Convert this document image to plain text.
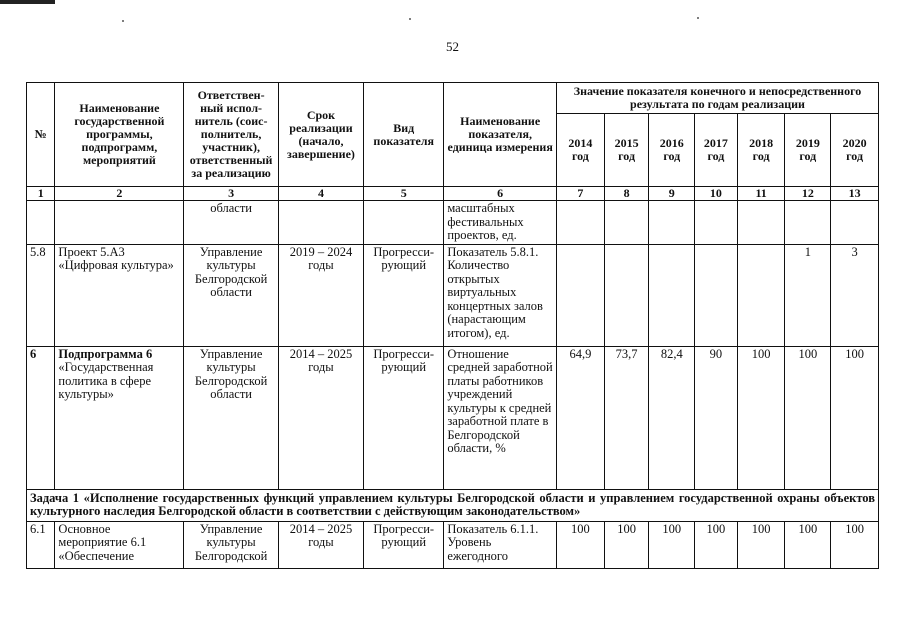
52
№	Наименование государственной программы, подпрограмм, мероприятий	Ответствен-ный испол-нитель (соис-полнитель, участник), ответственный за реализацию	Срок реализации (начало, завершение)	Вид показателя	Наименование показателя, единица измерения	Значение показателя конечного и непосредственного результата по годам реализации						
						2014 год	2015 год	2016 год	2017 год	2018 год	2019 год	2020 год
1	2	3	4	5	6	7	8	9	10	11	12	13
		области			масштабных фестивальных проектов, ед.							
5.8	Проект 5.А3 «Цифровая культура»	Управление культуры Белгородской области	2019 – 2024 годы	Прогресси-рующий	Показатель 5.8.1. Количество открытых виртуальных концертных залов (нарастающим итогом), ед.						1	3
6	Подпрограмма 6 «Государственная политика в сфере культуры»	Управление культуры Белгородской области	2014 – 2025 годы	Прогресси-рующий	Отношение средней заработной платы работников учреждений культуры к средней заработной плате в Белгородской области, %	64,9	73,7	82,4	90	100	100	100
Задача 1 «Исполнение государственных функций управлением культуры Белгородской области и управлением государственной охраны объектов культурного наследия Белгородской области в соответствии с действующим законодательством»												
6.1	Основное мероприятие 6.1 «Обеспечение	Управление культуры Белгородской	2014 – 2025 годы	Прогресси-рующий	Показатель 6.1.1. Уровень ежегодного	100	100	100	100	100	100	100
